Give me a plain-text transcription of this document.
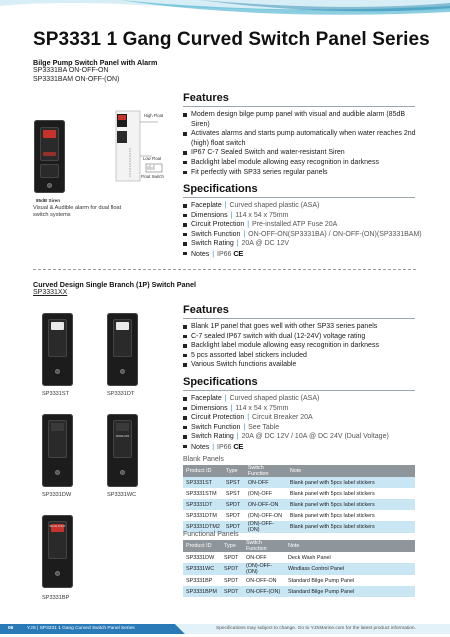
SP3331 1 Gang Curved Switch Panel Series
Bilge Pump Switch Panel with Alarm
SP3331BA ON-OFF-ON
SP3331BAM ON-OFF-(ON)
High Float
Low Float
Float Switch
85dB Siren
Visual & Audible alarm for dual float
switch systems
Features
Modern design bilge pump panel with visual and audible alarm (85dB Siren)
Activates alarms and starts pump automatically when water reaches 2nd (high) float switch
IP67 C-7 Sealed Switch and water-resistant Siren
Backlight label module allowing easy recognition in darkness
Fit perfectly with SP33 series regular panels
Specifications
Faceplate | Curved shaped plastic (ASA)
Dimensions | 114 x 54 x 75mm
Circuit Protection | Pre-installed ATP Fuse 20A
Switch Function | ON-OFF-ON(SP3331BA) / ON-OFF-(ON)(SP3331BAM)
Switch Rating | 20A @ DC 12V
Notes | IP66 CE
Curved Design Single Branch (1P) Switch Panel
SP3331XX
SP3331ST	SP3331DT
SP3331DW
WINDLASS
SP3331WC
BILGE PUMP
SP3331BP
Features
Blank 1P panel that goes well with other SP33 series panels
C-7 sealed IP67 switch with dual (12-24V) voltage rating
Backlight label module allowing easy recognition in darkness
5 pcs assorted label stickers included
Various Switch functions available
Specifications
Faceplate | Curved shaped plastic (ASA)
Dimensions | 114 x 54 x 75mm
Circuit Protection | Circuit Breaker 20A
Switch Function | See Table
Switch Rating | 20A @ DC 12V / 10A @ DC 24V (Dual Voltage)
Notes | IP66 CE
Blank Panels
Product ID	Type	Switch Function	Note
SP3331ST	SPST	ON-OFF	Blank panel with 5pcs label stickers
SP3331STM	SPST	(ON)-OFF	Blank panel with 5pcs label stickers
SP3331DT	SPDT	ON-OFF-ON	Blank panel with 5pcs label stickers
SP3331DTM	SPDT	(ON)-OFF-ON	Blank panel with 5pcs label stickers
SP3331DTM2	SPDT	(ON)-OFF-(ON)	Blank panel with 5pcs label stickers
Functional Panels
Product ID	Type	Switch Function	Note
SP3331DW	SPDT	ON-OFF	Deck Wash Panel
SP3331WC	SPDT	(ON)-OFF-(ON)	Windlass Control Panel
SP3331BP	SPDT	ON-OFF-ON	Standard Bilge Pump Panel
SP3331BPM	SPDT	ON-OFF-(ON)	Standard Bilge Pump Panel
06	YJS | SP3331 1 Gang Curved Switch Panel Series	Specifications may subject to change. Go to YJSMarine.com for the latest product information.
